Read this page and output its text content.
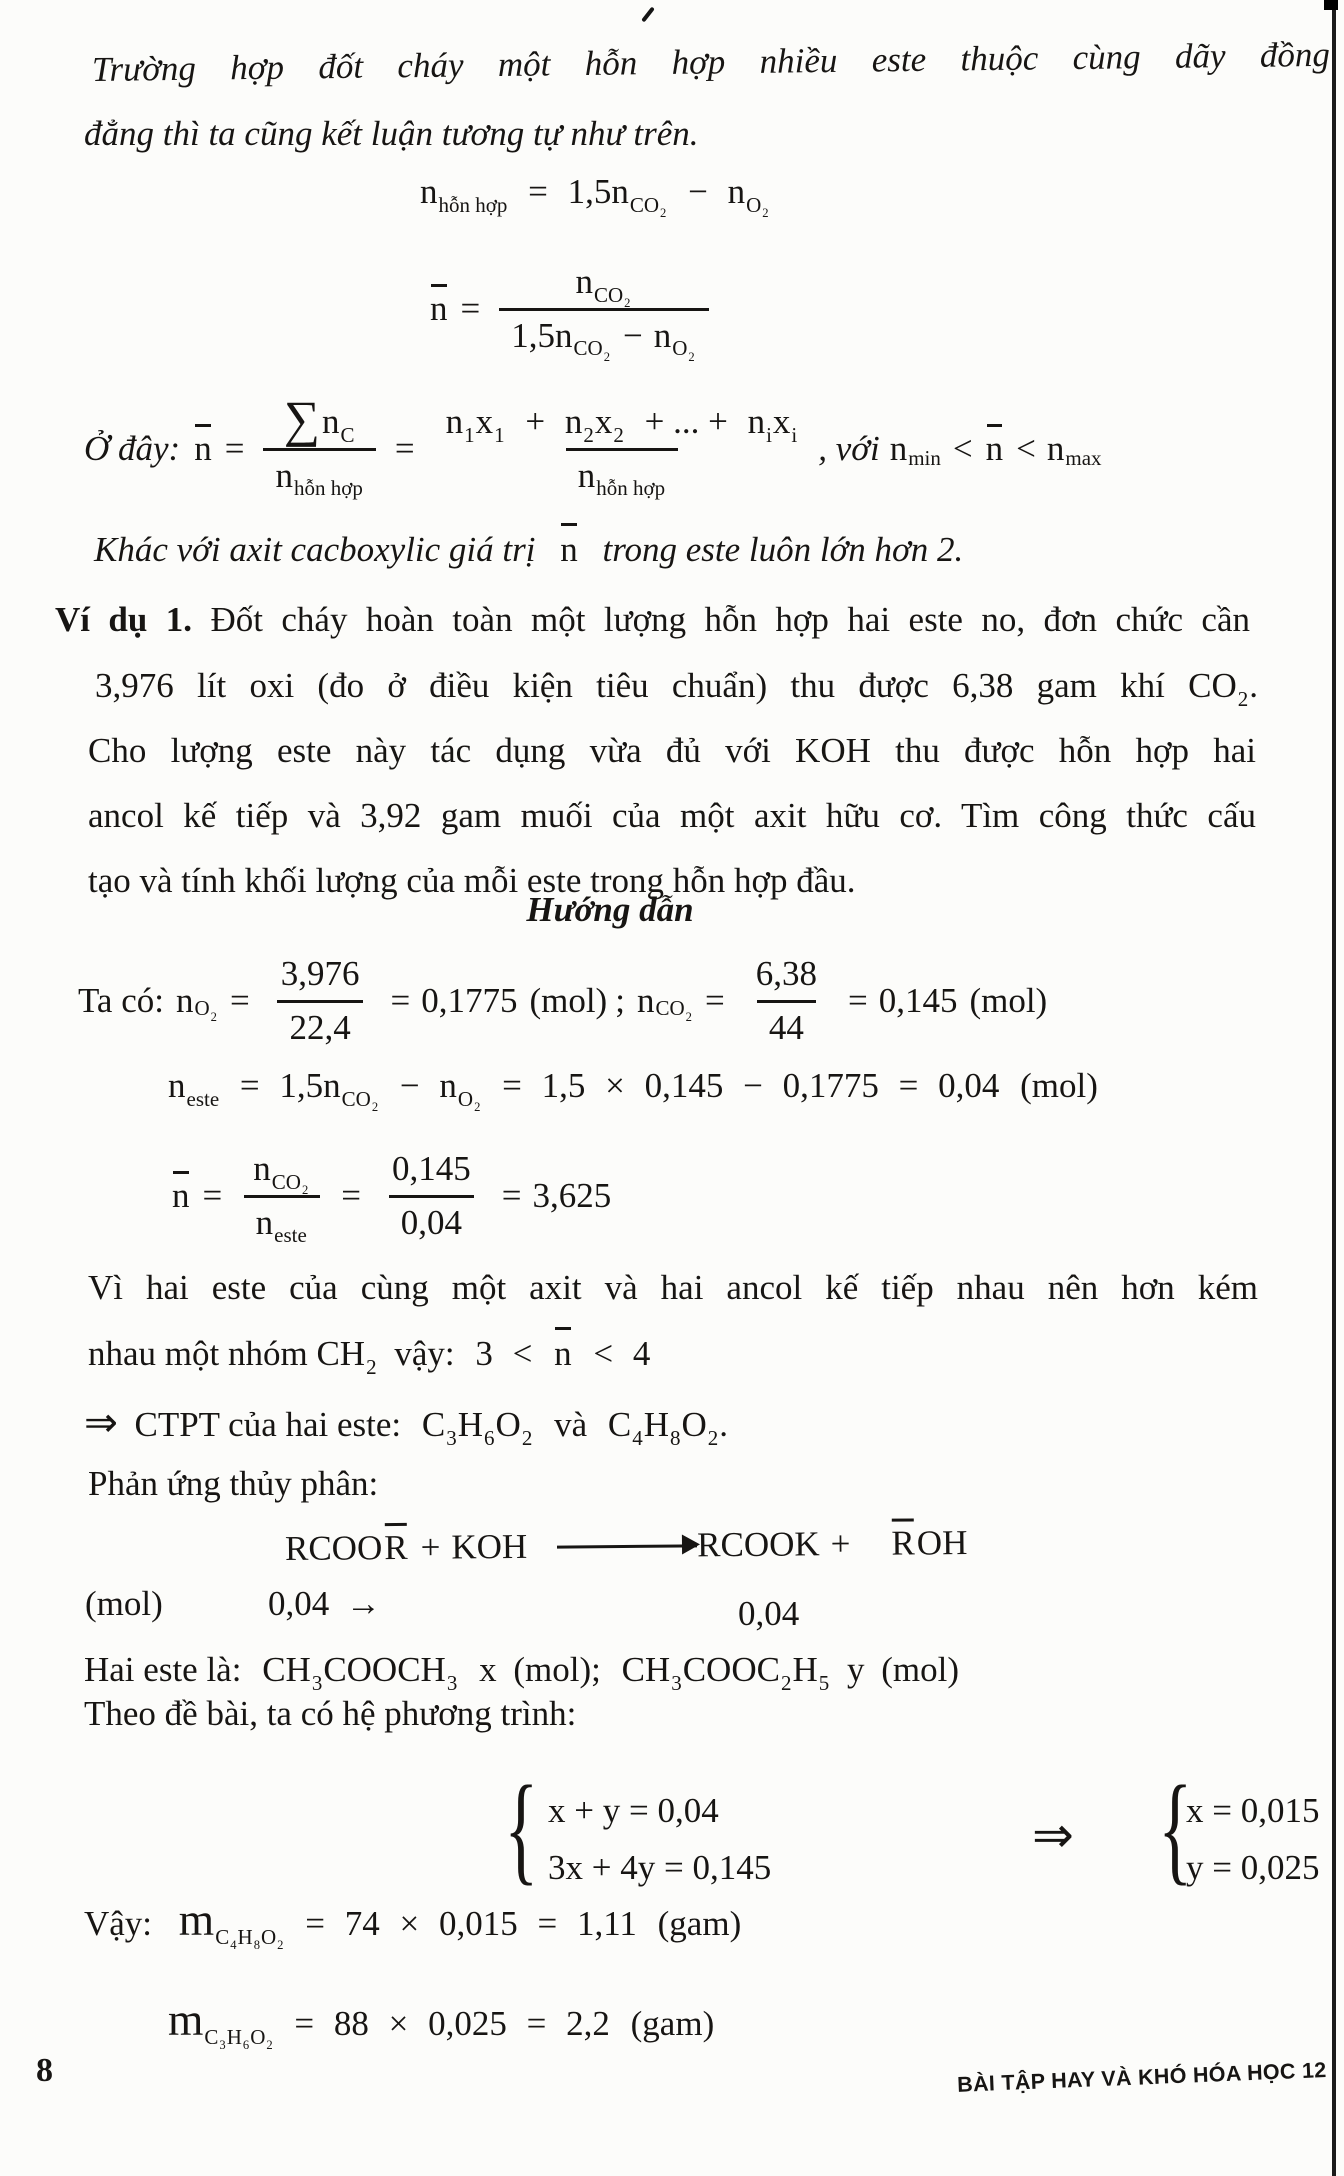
Trường hợp đốt cháy một hỗn hợp nhiều este thuộc cùng dãy đồng
đẳng thì ta cũng kết luận tương tự như trên.
$n_{hỗn hợp} = 1,5n_{CO_2} - n_{O_2}$
$n = \frac{n_{CO_2}}{1,5n_{CO_2}- n_{O_2}}$
Ở đây: $n = \frac{\sum n_C}{n_{hỗn hợp}} = \frac{n_1x_1 + n_2x_2 + ... + n_ix_i}{n_{hỗn hợp}}$ , với n min < n < n max
Khác với axit cacboxylic giá trị n trong este luôn lớn hơn 2.
Ví dụ 1. Đốt cháy hoàn toàn một lượng hỗn hợp hai este no, đơn chức cần
3,976 lít oxi (đo ở điều kiện tiêu chuẩn) thu được 6,38 gam khí $CO_2$.
Cho lượng este này tác dụng vừa đủ với KOH thu được hỗn hợp hai
ancol kế tiếp và 3,92 gam muối của một axit hữu cơ. Tìm công thức cấu
tạo và tính khối lượng của mỗi este trong hỗn hợp đầu.
Hướng dẫn
Ta có: n $O_2 = \frac{3,976}{22,4} = 0,1775$ (mol) ; n $CO_2 = \frac{6,38}{44} = 0,145$ (mol)
$n_{este} = 1,5n_{CO_2} - n_{O_2} = 1,5 \times 0,145 - 0,1775 = 0,04$ (mol)
$n = \frac{n_{CO_2}}{n_{este}} = \frac{0,145}{0,04} = 3,625$
Vì hai este của cùng một axit và hai ancol kế tiếp nhau nên hơn kém
nhau một nhóm $CH_2$ vậy: 3 < n < 4
⇒ CTPT của hai este: $C_3H_6O_2$ và $C_4H_8O_2$.
Phản ứng thủy phân:
RCOO R + KOH	RCOOK + R OH
(mol)	0,04 →	0,04
Hai este là: $CH_3COOCH_3$ x (mol); $CH_3COOC_2H_5$ y (mol)
Theo đề bài, ta có hệ phương trình:
{ x + y = 0,04
3x + 4y = 0,145
⇒ {
x = 0,015
y = 0,025
Vậy: $m_{C_4H_8O_2} = 74 \times 0,015 = 1,11$ (gam)
$m_{C_3H_6O_2} = 88 \times 0,025 = 2,2$ (gam)
8	BÀI TẬP HAY VÀ KHÓ HÓA HỌC 12
